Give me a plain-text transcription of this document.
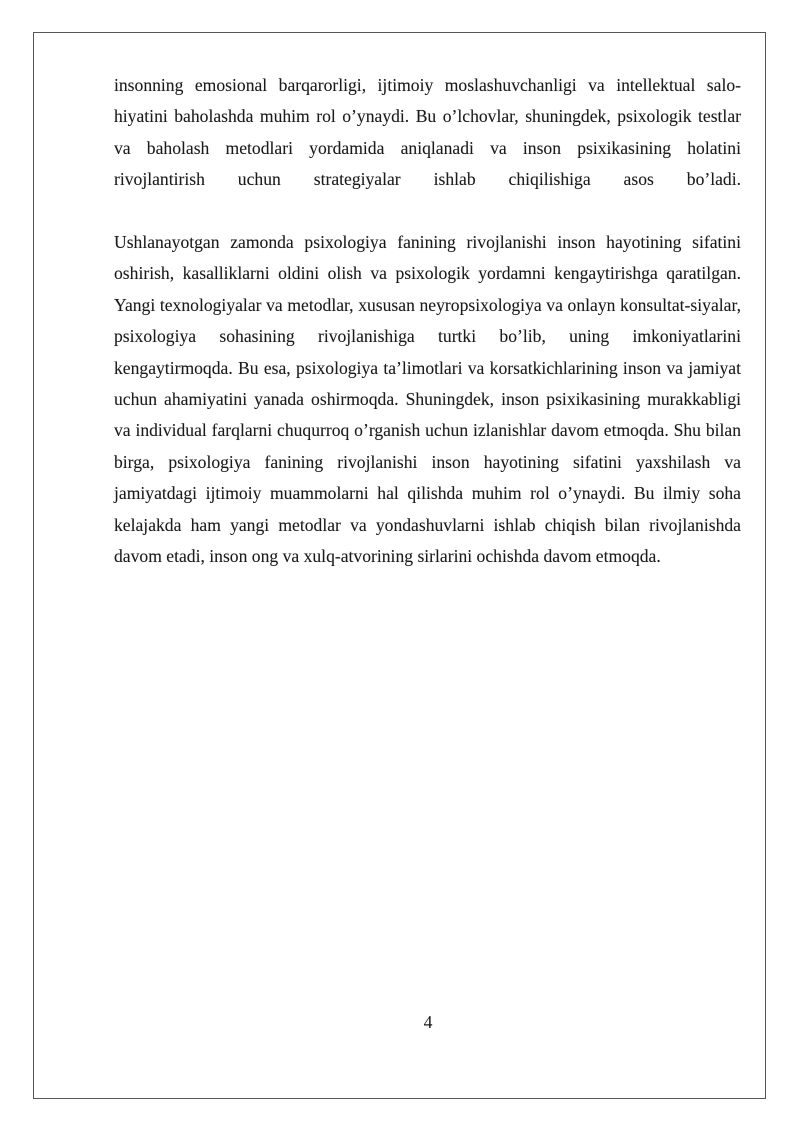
insonning emosional barqarorligi, ijtimoiy moslashuvchanligi va intellektual salo-hiyatini baholashda muhim rol o’ynaydi. Bu o’lchovlar, shuningdek, psixologik testlar va baholash metodlari yordamida aniqlanadi va inson psixikasining holatini rivojlantirish uchun strategiyalar ishlab chiqilishiga asos bo’ladi.

Ushlanayotgan zamonda psixologiya fanining rivojlanishi inson hayotining sifatini oshirish, kasalliklarni oldini olish va psixologik yordamni kengaytirishga qaratilgan. Yangi texnologiyalar va metodlar, xususan neyropsixologiya va onlayn konsultat-siyalar, psixologiya sohasining rivojlanishiga turtki bo’lib, uning imkoniyatlarini kengaytirmoqda. Bu esa, psixologiya ta’limotlari va korsatkichlarining inson va jamiyat uchun ahamiyatini yanada oshirmoqda. Shuningdek, inson psixikasining murakkabligi va individual farqlarni chuqurroq o’rganish uchun izlanishlar davom etmoqda. Shu bilan birga, psixologiya fanining rivojlanishi inson hayotining sifatini yaxshilash va jamiyatdagi ijtimoiy muammolarni hal qilishda muhim rol o’ynaydi. Bu ilmiy soha kelajakda ham yangi metodlar va yondashuvlarni ishlab chiqish bilan rivojlanishda davom etadi, inson ong va xulq-atvorining sirlarini ochishda davom etmoqda.

4
